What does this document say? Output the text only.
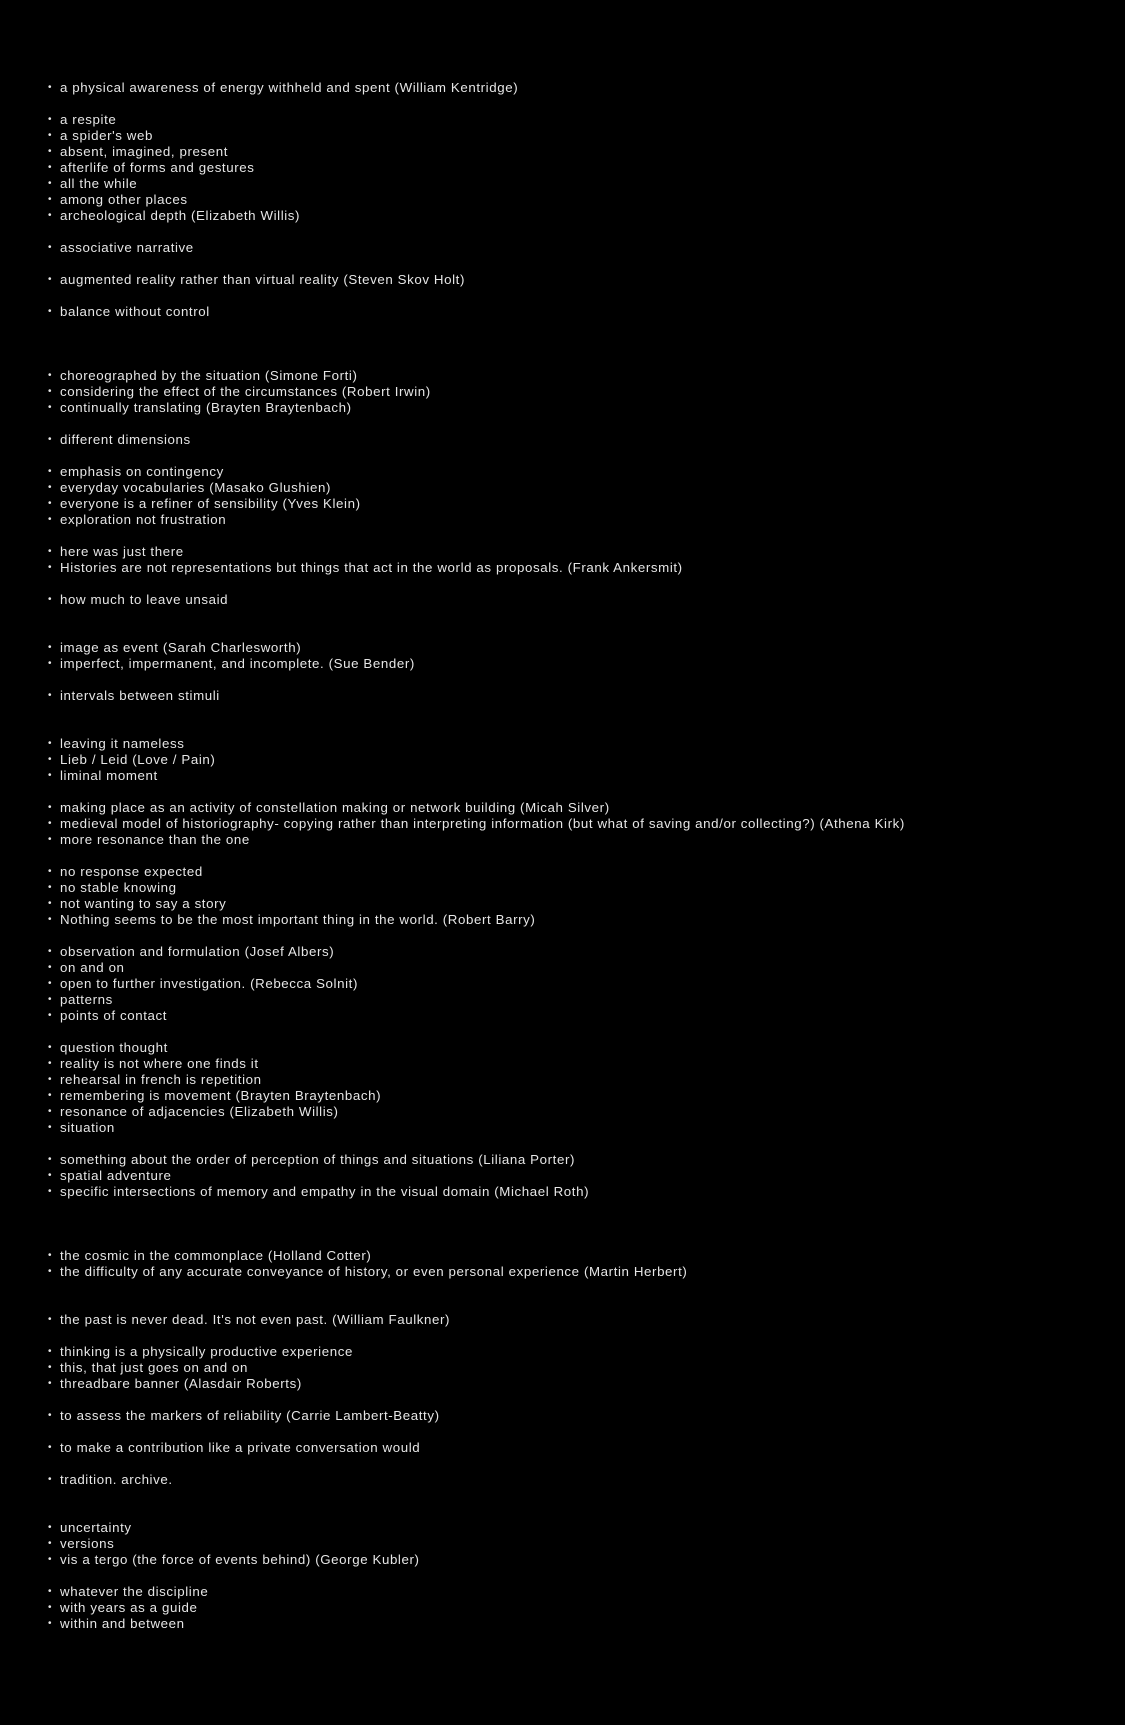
• a physical awareness of energy withheld and spent (William Kentridge)
• a respite
• a spider's web
• absent, imagined, present
• afterlife of forms and gestures
• all the while
• among other places
• archeological depth (Elizabeth Willis)
• associative narrative
• augmented reality rather than virtual reality (Steven Skov Holt)
• balance without control
• choreographed by the situation (Simone Forti)
• considering the effect of the circumstances (Robert Irwin)
• continually translating (Brayten Braytenbach)
• different dimensions
• emphasis on contingency
• everyday vocabularies (Masako Glushien)
• everyone is a refiner of sensibility (Yves Klein)
• exploration not frustration
• here was just there
• Histories are not representations but things that act in the world as proposals. (Frank Ankersmit)
• how much to leave unsaid
• image as event (Sarah Charlesworth)
• imperfect, impermanent, and incomplete. (Sue Bender)
• intervals between stimuli
• leaving it nameless
• Lieb / Leid (Love / Pain)
• liminal moment
• making place as an activity of constellation making or network building (Micah Silver)
• medieval model of historiography- copying rather than interpreting information (but what of saving and/or collecting?) (Athena Kirk)
• more resonance than the one
• no response expected
• no stable knowing
• not wanting to say a story
• Nothing seems to be the most important thing in the world. (Robert Barry)
• observation and formulation (Josef Albers)
• on and on
• open to further investigation. (Rebecca Solnit)
• patterns
• points of contact
• question thought
• reality is not where one finds it
• rehearsal in french is repetition
• remembering is movement (Brayten Braytenbach)
• resonance of adjacencies (Elizabeth Willis)
• situation
• something about the order of perception of things and situations (Liliana Porter)
• spatial adventure
• specific intersections of memory and empathy in the visual domain (Michael Roth)
• the cosmic in the commonplace (Holland Cotter)
• the difficulty of any accurate conveyance of history, or even personal experience (Martin Herbert)
• the past is never dead. It's not even past. (William Faulkner)
• thinking is a physically productive experience
• this, that just goes on and on
• threadbare banner (Alasdair Roberts)
• to assess the markers of reliability (Carrie Lambert-Beatty)
• to make a contribution like a private conversation would
• tradition. archive.
• uncertainty
• versions
• vis a tergo (the force of events behind) (George Kubler)
• whatever the discipline
• with years as a guide
• within and between
